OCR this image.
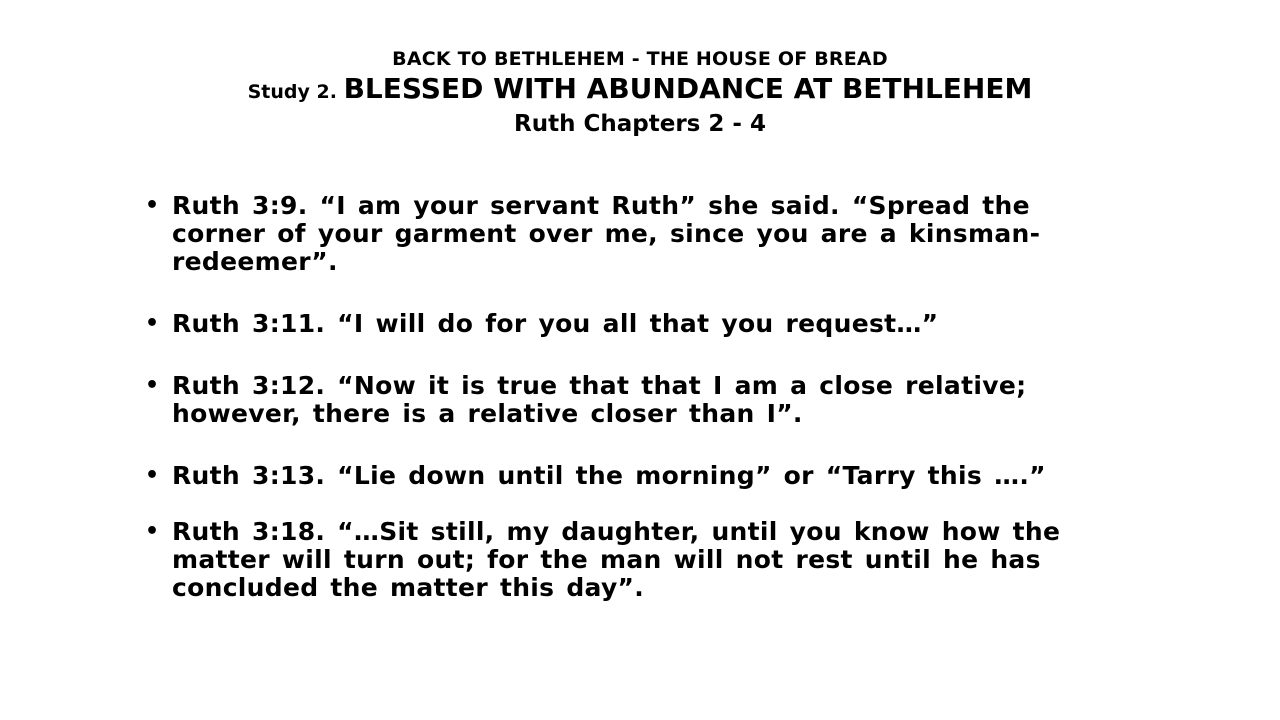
BACK TO BETHLEHEM - THE HOUSE OF BREAD
Study 2. BLESSED WITH ABUNDANCE AT BETHLEHEM
Ruth Chapters 2 - 4
• Ruth 3:9. “I am your servant Ruth” she said. “Spread the corner of your garment over me, since you are a kinsman-redeemer”.
• Ruth 3:11. “I will do for you all that you request…”
• Ruth 3:12. “Now it is true that that I am a close relative; however, there is a relative closer than I”.
• Ruth 3:13. “Lie down until the morning” or “Tarry this ….”
• Ruth 3:18. “…Sit still, my daughter, until you know how the matter will turn out; for the man will not rest until he has concluded the matter this day”.
